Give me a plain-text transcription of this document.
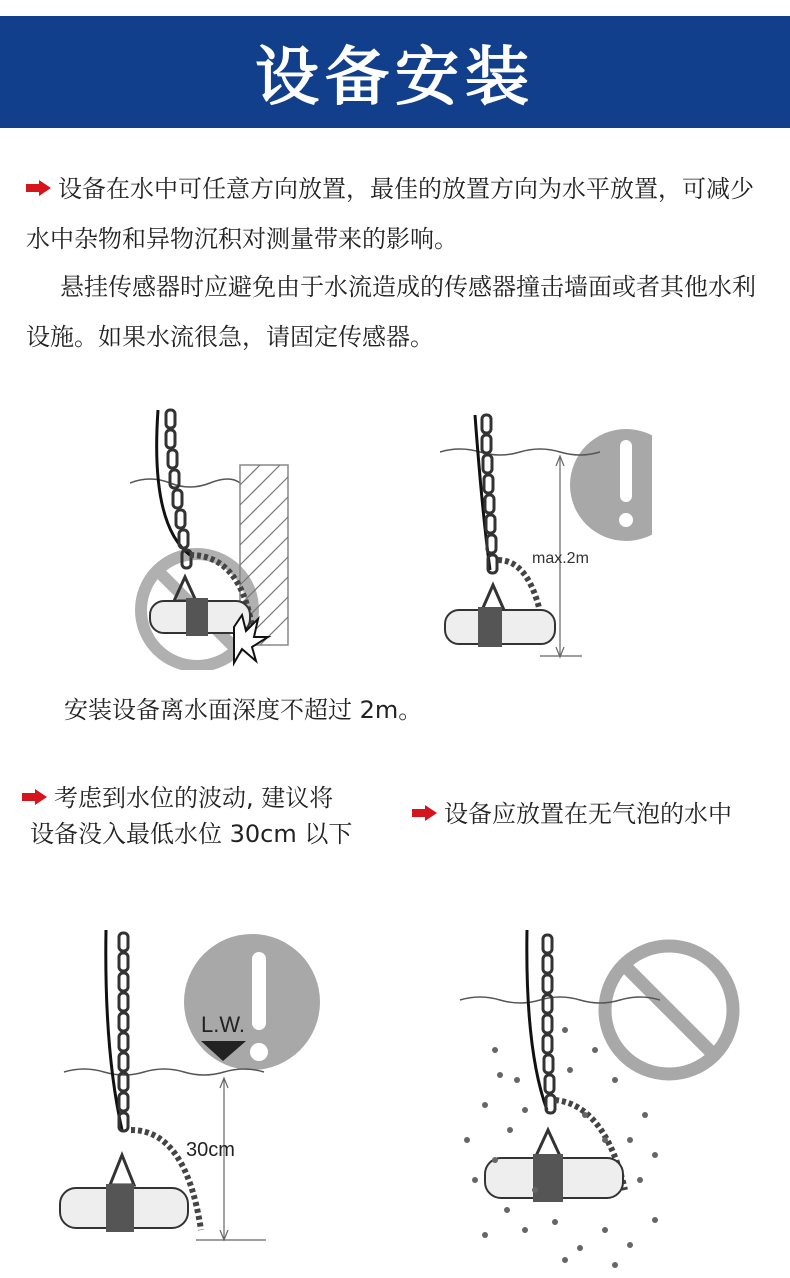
设备安装
设备在水中可任意方向放置，最佳的放置方向为水平放置，可减少水中杂物和异物沉积对测量带来的影响。
悬挂传感器时应避免由于水流造成的传感器撞击墙面或者其他水利设施。如果水流很急，请固定传感器。
max.2m
安装设备离水面深度不超过 2m。
考虑到水位的波动, 建议将
设备没入最低水位 30cm 以下
设备应放置在无气泡的水中
L.W.
30cm
